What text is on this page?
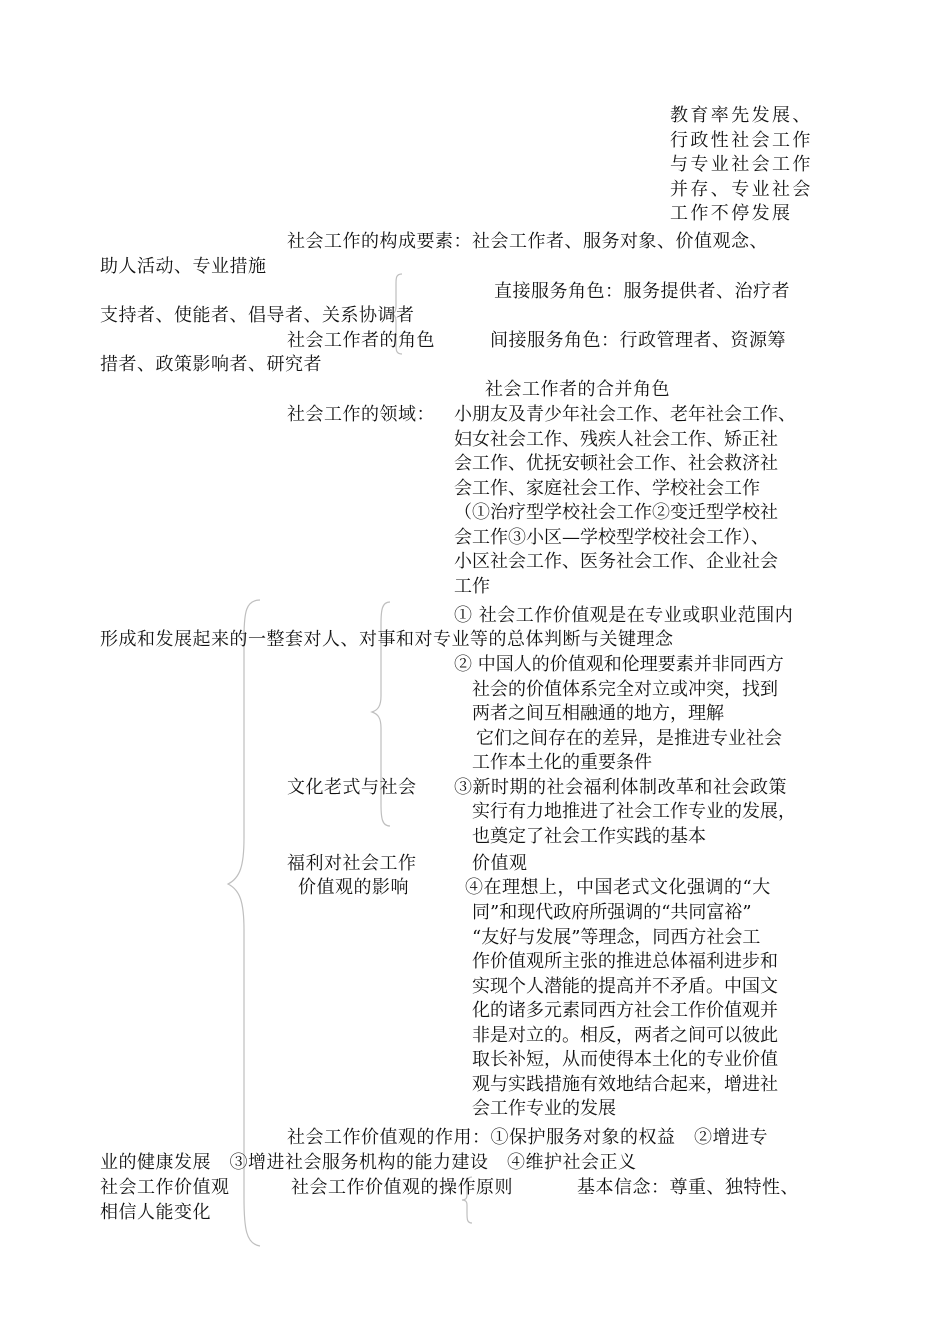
教育率先发展、
行政性社会工作
与专业社会工作
并存、专业社会
工作不停发展
社会工作的构成要素：社会工作者、服务对象、价值观念、
助人活动、专业措施
直接服务角色：服务提供者、治疗者
支持者、使能者、倡导者、关系协调者
社会工作者的角色	间接服务角色：行政管理者、资源筹
措者、政策影响者、研究者
社会工作者的合并角色
社会工作的领域： 小朋友及青少年社会工作、老年社会工作、
妇女社会工作、残疾人社会工作、矫正社
会工作、优抚安顿社会工作、社会救济社
会工作、家庭社会工作、学校社会工作
（①治疗型学校社会工作②变迁型学校社
会工作③小区—学校型学校社会工作）、
小区社会工作、医务社会工作、企业社会
工作
① 社会工作价值观是在专业或职业范围内
形成和发展起来的一整套对人、对事和对专业等的总体判断与关键理念
② 中国人的价值观和伦理要素并非同西方
社会的价值体系完全对立或冲突，找到
两者之间互相融通的地方，理解
它们之间存在的差异，是推进专业社会
工作本土化的重要条件
文化老式与社会 ③新时期的社会福利体制改革和社会政策
实行有力地推进了社会工作专业的发展，
也奠定了社会工作实践的基本
福利对社会工作	价值观
价值观的影响	④在理想上，中国老式文化强调的“大
同”和现代政府所强调的“共同富裕”
“友好与发展”等理念，同西方社会工
作价值观所主张的推进总体福利进步和
实现个人潜能的提高并不矛盾。中国文
化的诸多元素同西方社会工作价值观并
非是对立的。相反，两者之间可以彼此
取长补短，从而使得本土化的专业价值
观与实践措施有效地结合起来，增进社
会工作专业的发展
社会工作价值观的作用：①保护服务对象的权益　②增进专
业的健康发展　③增进社会服务机构的能力建设　④维护社会正义
社会工作价值观	社会工作价值观的操作原则	基本信念：尊重、独特性、
相信人能变化
